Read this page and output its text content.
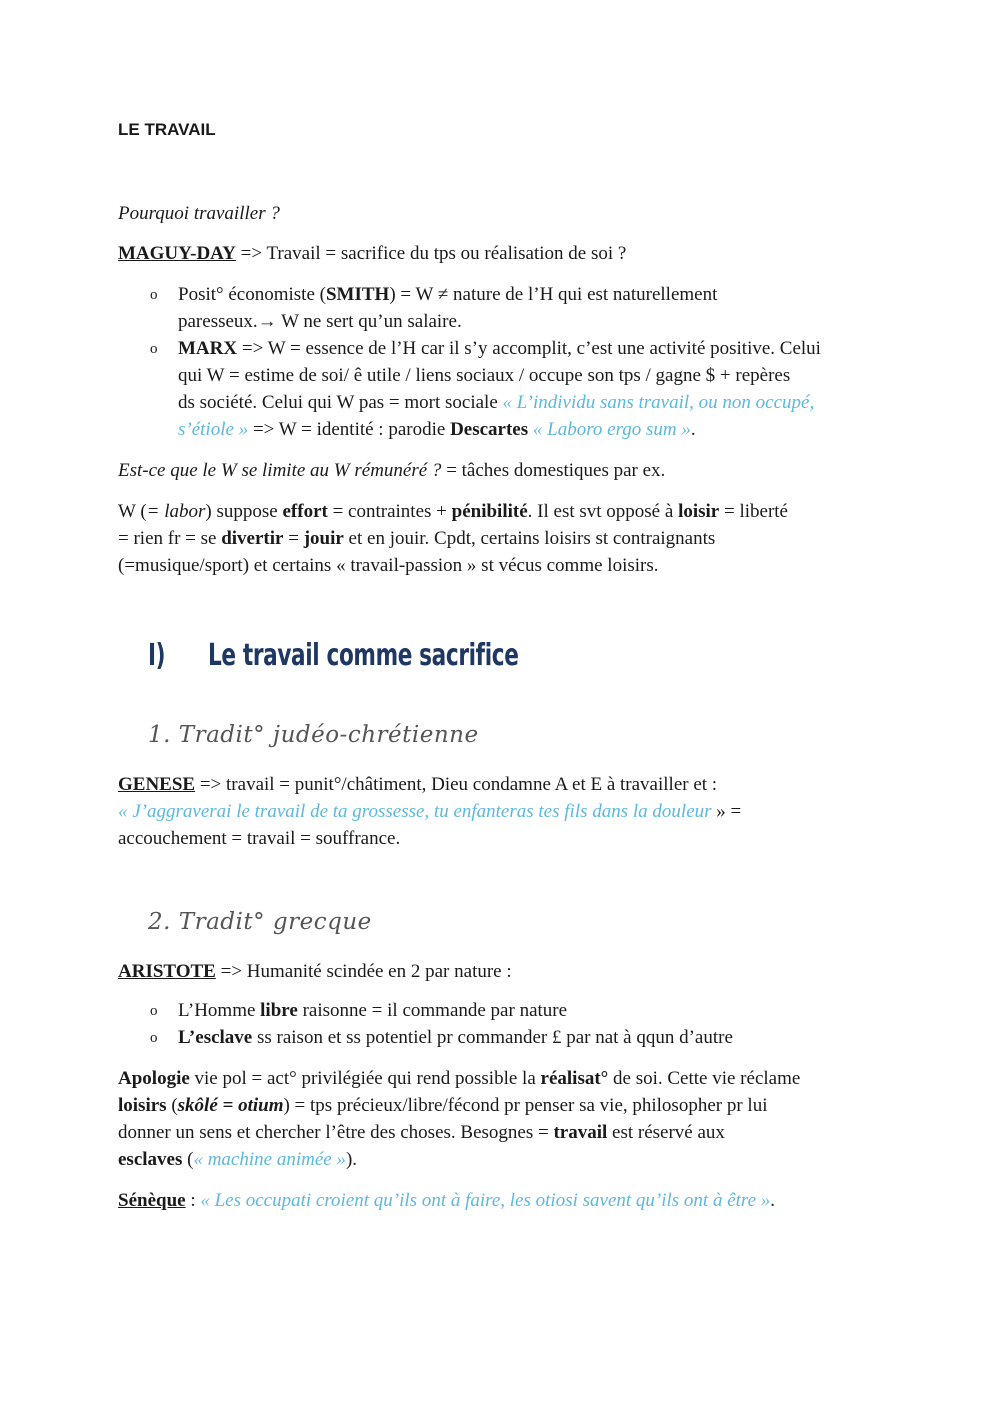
LE TRAVAIL
Pourquoi travailler ?
MAGUY-DAY => Travail = sacrifice du tps ou réalisation de soi ?
o Posit° économiste (SMITH) = W ≠ nature de l’H qui est naturellement
paresseux.→ W ne sert qu’un salaire.
o MARX => W = essence de l’H car il s’y accomplit, c’est une activité positive. Celui
qui W = estime de soi/ ê utile / liens sociaux / occupe son tps / gagne $ + repères
ds société. Celui qui W pas = mort sociale « L’individu sans travail, ou non occupé,
s’étiole » => W = identité : parodie Descartes « Laboro ergo sum ».
Est-ce que le W se limite au W rémunéré ? = tâches domestiques par ex.
W (= labor) suppose effort = contraintes + pénibilité. Il est svt opposé à loisir = liberté
= rien fr = se divertir = jouir et en jouir. Cpdt, certains loisirs st contraignants
(=musique/sport) et certains « travail-passion » st vécus comme loisirs.
I) Le travail comme sacrifice
1. Tradit° judéo-chrétienne
GENESE => travail = punit°/châtiment, Dieu condamne A et E à travailler et :
« J’aggraverai le travail de ta grossesse, tu enfanteras tes fils dans la douleur » =
accouchement = travail = souffrance.
2. Tradit° grecque
ARISTOTE => Humanité scindée en 2 par nature :
o L’Homme libre raisonne = il commande par nature
o L’esclave ss raison et ss potentiel pr commander £ par nat à qqun d’autre
Apologie vie pol = act° privilégiée qui rend possible la réalisat° de soi. Cette vie réclame
loisirs (skôlé = otium) = tps précieux/libre/fécond pr penser sa vie, philosopher pr lui
donner un sens et chercher l’être des choses. Besognes = travail est réservé aux
esclaves (« machine animée »).
Sénèque : « Les occupati croient qu’ils ont à faire, les otiosi savent qu’ils ont à être ».
